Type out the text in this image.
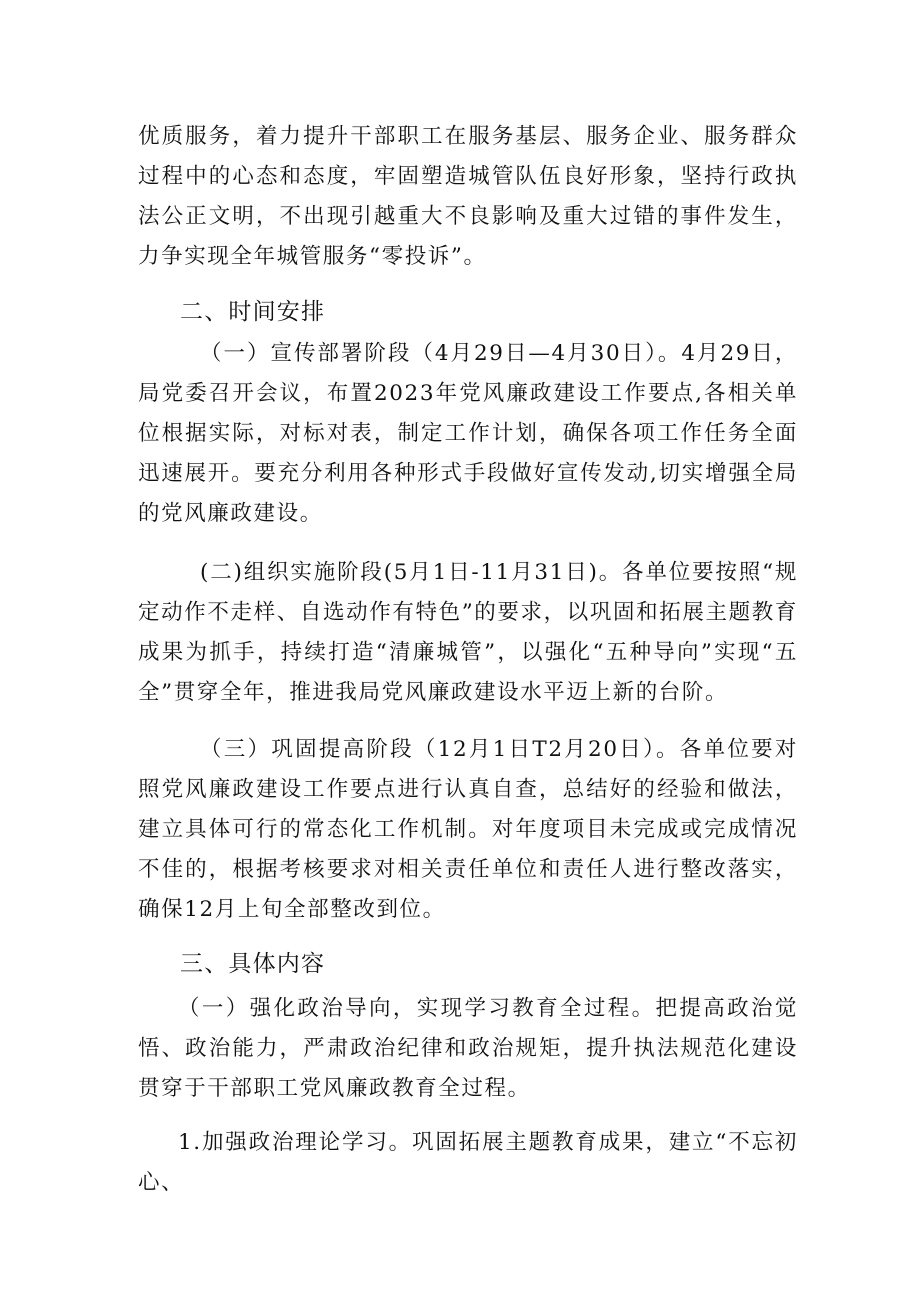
优质服务，着力提升干部职工在服务基层、服务企业、服务群众过程中的心态和态度，牢固塑造城管队伍良好形象，坚持行政执法公正文明，不出现引越重大不良影响及重大过错的事件发生，力争实现全年城管服务“零投诉”。

二、时间安排

（一）宣传部署阶段（4月29日—4月30日）。4月29日，局党委召开会议，布置2023年党风廉政建设工作要点,各相关单位根据实际，对标对表，制定工作计划，确保各项工作任务全面迅速展开。要充分利用各种形式手段做好宣传发动,切实增强全局的党风廉政建设。

(二)组织实施阶段(5月1日-11月31日)。各单位要按照“规定动作不走样、自选动作有特色”的要求，以巩固和拓展主题教育成果为抓手，持续打造“清廉城管”，以强化“五种导向”实现“五全”贯穿全年，推进我局党风廉政建设水平迈上新的台阶。

（三）巩固提高阶段（12月1日T2月20日）。各单位要对照党风廉政建设工作要点进行认真自查，总结好的经验和做法，建立具体可行的常态化工作机制。对年度项目未完成或完成情况不佳的，根据考核要求对相关责任单位和责任人进行整改落实，确保12月上旬全部整改到位。

三、具体内容

（一）强化政治导向，实现学习教育全过程。把提高政治觉悟、政治能力，严肃政治纪律和政治规矩，提升执法规范化建设贯穿于干部职工党风廉政教育全过程。

1.加强政治理论学习。巩固拓展主题教育成果，建立“不忘初心、
